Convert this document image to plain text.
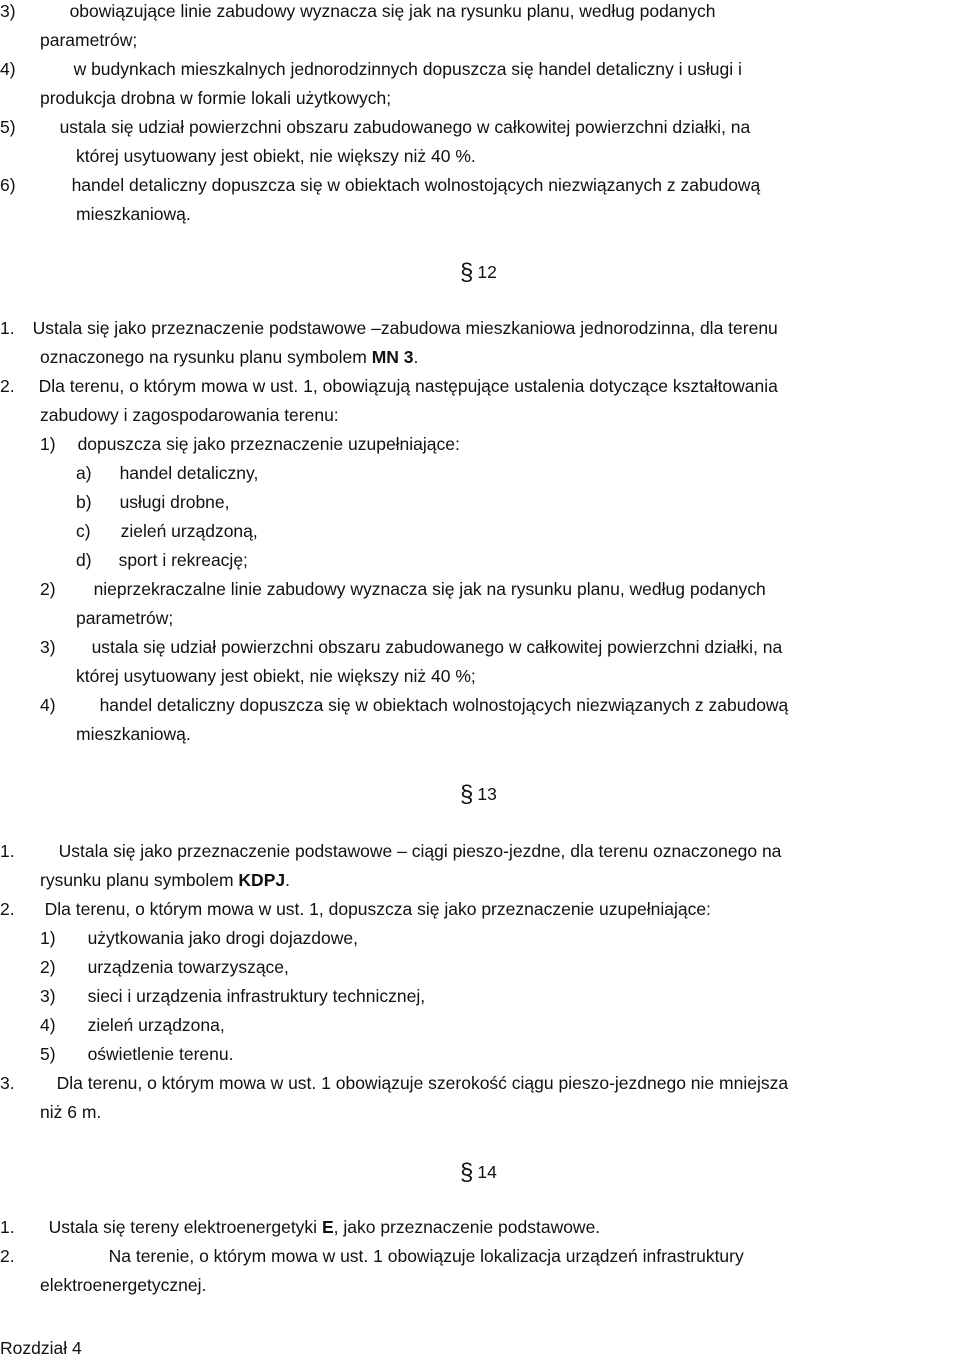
3)	obowiązujące linie zabudowy wyznacza się jak na rysunku planu, według podanych
parametrów;
4)	w budynkach mieszkalnych jednorodzinnych dopuszcza się handel detaliczny i usługi i
produkcja drobna w formie lokali użytkowych;
5)	ustala się udział powierzchni obszaru zabudowanego w całkowitej powierzchni działki, na
której usytuowany jest obiekt, nie większy niż 40 %.
6)	handel detaliczny dopuszcza się w obiektach wolnostojących niezwiązanych z zabudową
mieszkaniową.
§ 12
1. Ustala się jako przeznaczenie podstawowe –zabudowa mieszkaniowa jednorodzinna, dla terenu
oznaczonego na rysunku planu symbolem MN 3.
2. Dla terenu, o którym mowa w ust. 1, obowiązują następujące ustalenia dotyczące kształtowania
zabudowy i zagospodarowania terenu:
1) dopuszcza się jako przeznaczenie uzupełniające:
a) handel detaliczny,
b) usługi drobne,
c) zieleń urządzoną,
d) sport i rekreację;
2) nieprzekraczalne linie zabudowy wyznacza się jak na rysunku planu, według podanych
parametrów;
3) ustala się udział powierzchni obszaru zabudowanego w całkowitej powierzchni działki, na
której usytuowany jest obiekt, nie większy niż 40 %;
4)	handel detaliczny dopuszcza się w obiektach wolnostojących niezwiązanych z zabudową
mieszkaniową.
§ 13
1.	Ustala się jako przeznaczenie podstawowe – ciągi pieszo-jezdne, dla terenu oznaczonego na
rysunku planu symbolem KDPJ.
2. Dla terenu, o którym mowa w ust. 1, dopuszcza się jako przeznaczenie uzupełniające:
1) użytkowania jako drogi dojazdowe,
2) urządzenia towarzyszące,
3) sieci i urządzenia infrastruktury technicznej,
4) zieleń urządzona,
5) oświetlenie terenu.
3. Dla terenu, o którym mowa w ust. 1 obowiązuje szerokość ciągu pieszo-jezdnego nie mniejsza
niż 6 m.
§ 14
1. Ustala się tereny elektroenergetyki E, jako przeznaczenie podstawowe.
2.	Na terenie, o którym mowa w ust. 1 obowiązuje lokalizacja urządzeń infrastruktury
elektroenergetycznej.
Rozdział 4
